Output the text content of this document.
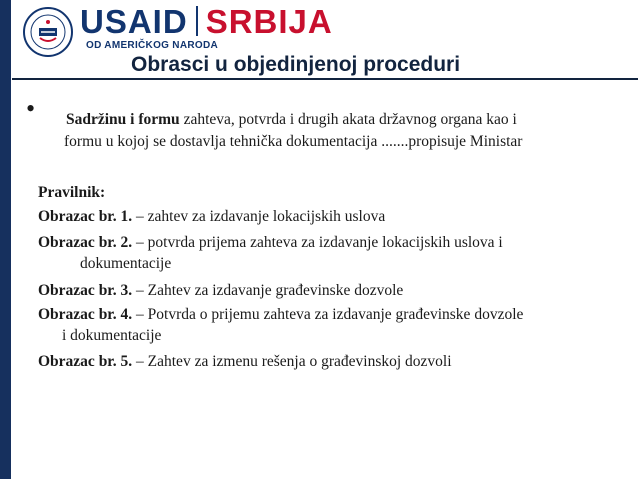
USAID SRBIJA
OD AMERIČKOG NARODA
Obrasci u objedinjenoj proceduri
• Sadržinu i formu zahteva, potvrda i drugih akata državnog organa kao i
formu u kojoj se dostavlja tehnička dokumentacija .......propisuje Ministar
Pravilnik:
Obrazac br. 1. – zahtev za izdavanje lokacijskih uslova
Obrazac br. 2. – potvrda prijema zahteva za izdavanje lokacijskih uslova i
dokumentacije
Obrazac br. 3. – Zahtev za izdavanje građevinske dozvole
Obrazac br. 4. – Potvrda o prijemu zahteva za izdavanje građevinske dovzole
i dokumentacije
Obrazac br. 5. – Zahtev za izmenu rešenja o građevinskoj dozvoli
